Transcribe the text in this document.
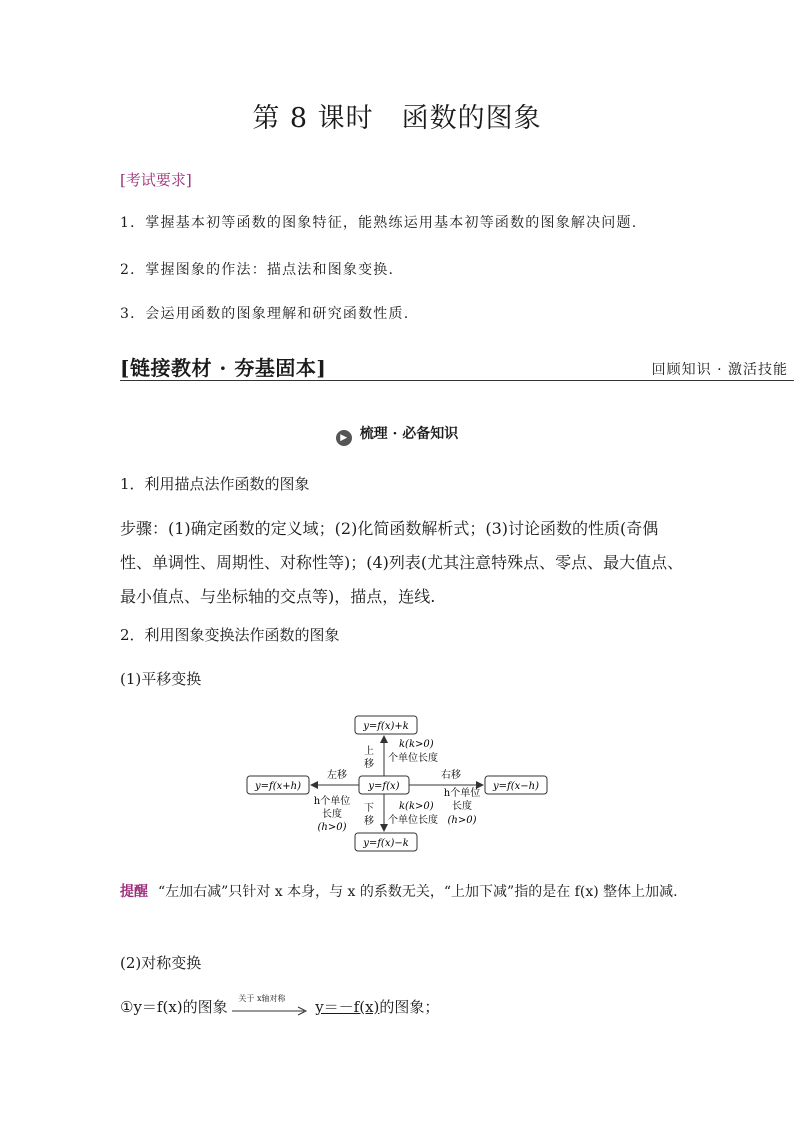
第 8 课时　函数的图象
[考试要求]
1．掌握基本初等函数的图象特征，能熟练运用基本初等函数的图象解决问题.
2．掌握图象的作法：描点法和图象变换.
3．会运用函数的图象理解和研究函数性质.
[链接教材 · 夯基固本]	回顾知识 · 激活技能
▶ 梳理 · 必备知识
1．利用描点法作函数的图象
步骤：(1)确定函数的定义域；(2)化简函数解析式；(3)讨论函数的性质(奇偶性、单调性、周期性、对称性等)；(4)列表(尤其注意特殊点、零点、最大值点、最小值点、与坐标轴的交点等)，描点，连线.
2．利用图象变换法作函数的图象
(1)平移变换
y=f(x)+k
y=f(x)
y=f(x+h)	y=f(x−h)
y=f(x)−k
上
移
k(k>0)
个单位长度
下
移
k(k>0)
个单位长度
左移
h个单位
长度
(h>0)
右移
h个单位
长度
(h>0)
提醒 “左加右减”只针对 x 本身，与 x 的系数无关，“上加下减”指的是在 f(x) 整体上加减.
(2)对称变换
①y＝f(x)的图象 关于 x轴对称 y＝－f(x)的图象；
